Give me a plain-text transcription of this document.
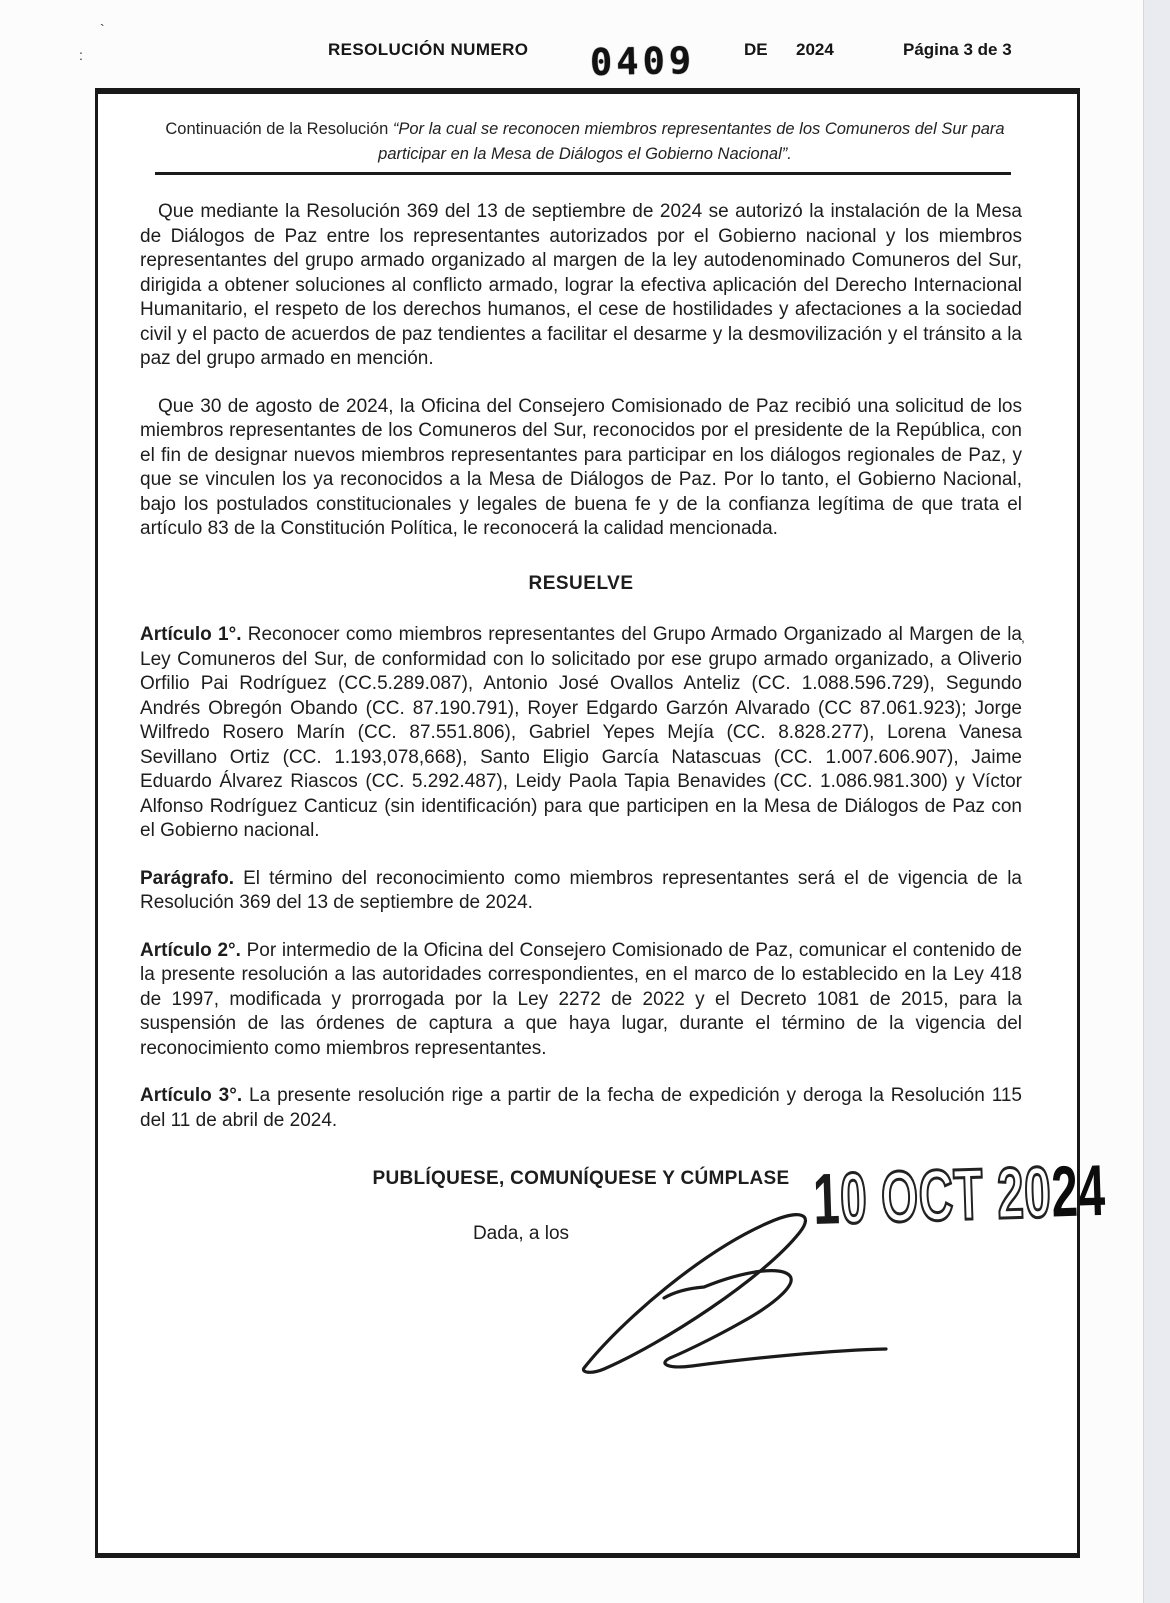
`
:	RESOLUCIÓN NUMERO 0409	DE 2024	Página 3 de 3
Continuación de la Resolución “Por la cual se reconocen miembros representantes de los Comuneros del Sur para
participar en la Mesa de Diálogos el Gobierno Nacional”.

Que mediante la Resolución 369 del 13 de septiembre de 2024 se autorizó la instalación de la Mesa de Diálogos de Paz entre los representantes autorizados por el Gobierno nacional y los miembros representantes del grupo armado organizado al margen de la ley autodenominado Comuneros del Sur, dirigida a obtener soluciones al conflicto armado, lograr la efectiva aplicación del Derecho Internacional Humanitario, el respeto de los derechos humanos, el cese de hostilidades y afectaciones a la sociedad civil y el pacto de acuerdos de paz tendientes a facilitar el desarme y la desmovilización y el tránsito a la paz del grupo armado en mención.

Que 30 de agosto de 2024, la Oficina del Consejero Comisionado de Paz recibió una solicitud de los miembros representantes de los Comuneros del Sur, reconocidos por el presidente de la República, con el fin de designar nuevos miembros representantes para participar en los diálogos regionales de Paz, y que se vinculen los ya reconocidos a la Mesa de Diálogos de Paz. Por lo tanto, el Gobierno Nacional, bajo los postulados constitucionales y legales de buena fe y de la confianza legítima de que trata el artículo 83 de la Constitución Política, le reconocerá la calidad mencionada.

RESUELVE

Artículo 1°. Reconocer como miembros representantes del Grupo Armado Organizado al Margen de la Ley Comuneros del Sur, de conformidad con lo solicitado por ese grupo armado organizado, a Oliverio Orfilio Pai Rodríguez (CC.5.289.087), Antonio José Ovallos Anteliz (CC. 1.088.596.729), Segundo Andrés Obregón Obando (CC. 87.190.791), Royer Edgardo Garzón Alvarado (CC 87.061.923); Jorge Wilfredo Rosero Marín (CC. 87.551.806), Gabriel Yepes Mejía (CC. 8.828.277), Lorena Vanesa Sevillano Ortiz (CC. 1.193,078,668), Santo Eligio García Natascuas (CC. 1.007.606.907), Jaime Eduardo Álvarez Riascos (CC. 5.292.487), Leidy Paola Tapia Benavides (CC. 1.086.981.300) y Víctor Alfonso Rodríguez Canticuz (sin identificación) para que participen en la Mesa de Diálogos de Paz con el Gobierno nacional.

Parágrafo. El término del reconocimiento como miembros representantes será el de vigencia de la Resolución 369 del 13 de septiembre de 2024.

Artículo 2°. Por intermedio de la Oficina del Consejero Comisionado de Paz, comunicar el contenido de la presente resolución a las autoridades correspondientes, en el marco de lo establecido en la Ley 418 de 1997, modificada y prorrogada por la Ley 2272 de 2022 y el Decreto 1081 de 2015, para la suspensión de las órdenes de captura a que haya lugar, durante el término de la vigencia del reconocimiento como miembros representantes.

Artículo 3°. La presente resolución rige a partir de la fecha de expedición y deroga la Resolución 115 del 11 de abril de 2024.

PUBLÍQUESE, COMUNÍQUESE Y CÚMPLASE

Dada, a los	10 OCT 2024
,
